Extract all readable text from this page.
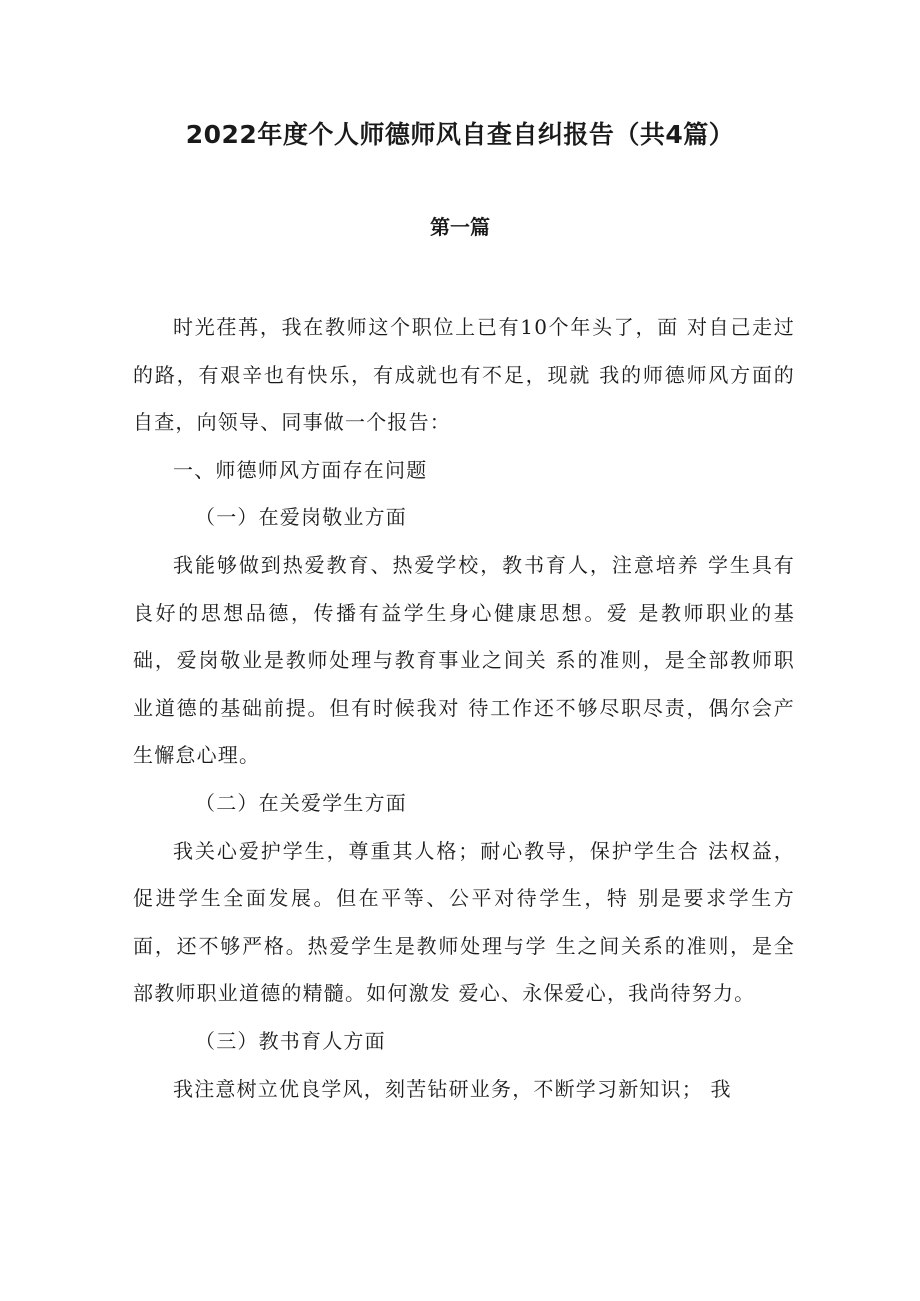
2022年度个人师德师风自查自纠报告（共4篇）
第一篇

时光荏苒，我在教师这个职位上已有10个年头了，面 对自己走过的路，有艰辛也有快乐，有成就也有不足，现就 我的师德师风方面的自查，向领导、同事做一个报告：

一、师德师风方面存在问题

（一）在爱岗敬业方面

我能够做到热爱教育、热爱学校，教书育人，注意培养 学生具有良好的思想品德，传播有益学生身心健康思想。爱 是教师职业的基础，爱岗敬业是教师处理与教育事业之间关 系的准则，是全部教师职业道德的基础前提。但有时候我对 待工作还不够尽职尽责，偶尔会产生懈怠心理。

（二）在关爱学生方面

我关心爱护学生，尊重其人格；耐心教导，保护学生合 法权益，促进学生全面发展。但在平等、公平对待学生，特 别是要求学生方面，还不够严格。热爱学生是教师处理与学 生之间关系的准则，是全部教师职业道德的精髓。如何激发 爱心、永保爱心，我尚待努力。

（三）教书育人方面

我注意树立优良学风，刻苦钻研业务，不断学习新知识； 我
